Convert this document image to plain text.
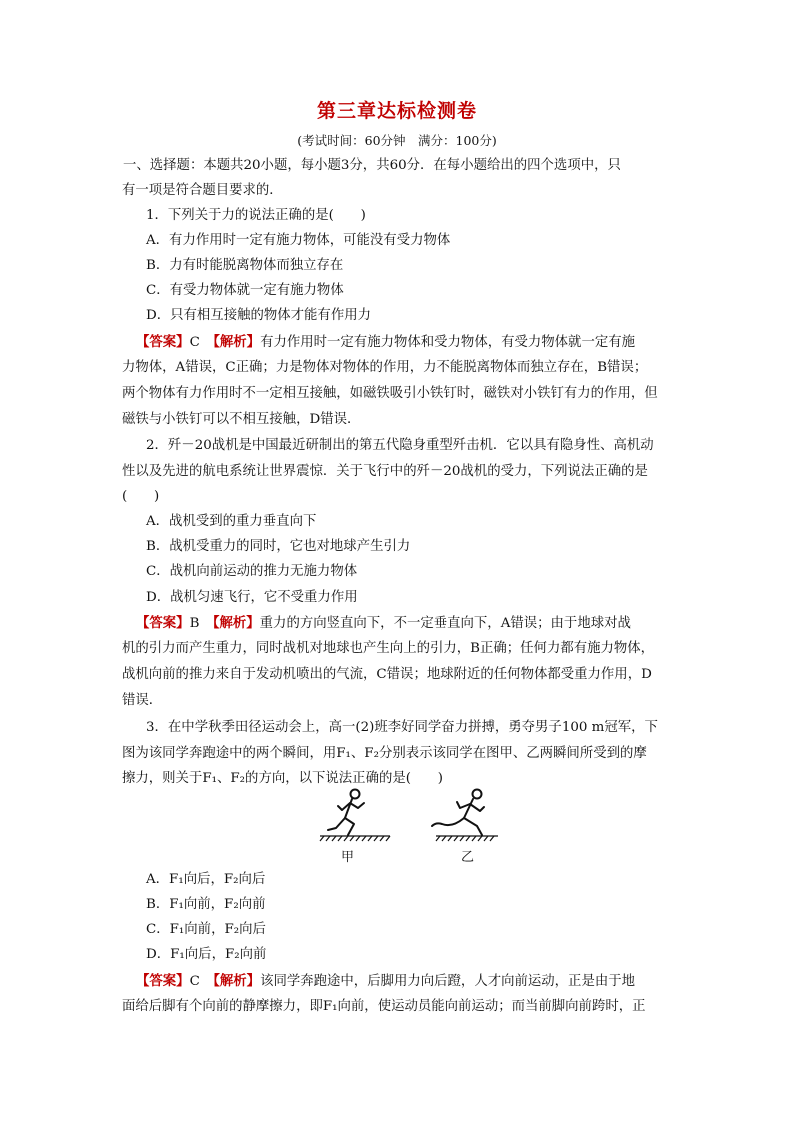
第三章达标检测卷
(考试时间：60分钟　满分：100分)
一、选择题：本题共20小题，每小题3分，共60分．在每小题给出的四个选项中，只
有一项是符合题目要求的．
1．下列关于力的说法正确的是(　　)
A．有力作用时一定有施力物体，可能没有受力物体
B．力有时能脱离物体而独立存在
C．有受力物体就一定有施力物体
D．只有相互接触的物体才能有作用力
【答案】C　 【解析】有力作用时一定有施力物体和受力物体，有受力物体就一定有施
力物体，A错误，C正确；力是物体对物体的作用，力不能脱离物体而独立存在，B错误；
两个物体有力作用时不一定相互接触，如磁铁吸引小铁钉时，磁铁对小铁钉有力的作用，但
磁铁与小铁钉可以不相互接触，D错误．
2．歼－20战机是中国最近研制出的第五代隐身重型歼击机．它以具有隐身性、高机动
性以及先进的航电系统让世界震惊．关于飞行中的歼－20战机的受力，下列说法正确的是
(　　)
A．战机受到的重力垂直向下
B．战机受重力的同时，它也对地球产生引力
C．战机向前运动的推力无施力物体
D．战机匀速飞行，它不受重力作用
【答案】B　 【解析】重力的方向竖直向下，不一定垂直向下，A错误；由于地球对战
机的引力而产生重力，同时战机对地球也产生向上的引力，B正确；任何力都有施力物体，
战机向前的推力来自于发动机喷出的气流，C错误；地球附近的任何物体都受重力作用，D
错误．
3．在中学秋季田径运动会上，高一(2)班李好同学奋力拼搏，勇夺男子100 m冠军，下
图为该同学奔跑途中的两个瞬间，用F₁、F₂分别表示该同学在图甲、乙两瞬间所受到的摩
擦力，则关于F₁、F₂的方向，以下说法正确的是(　　)
甲	乙
A．F₁向后，F₂向后
B．F₁向前，F₂向前
C．F₁向前，F₂向后
D．F₁向后，F₂向前
【答案】C　 【解析】该同学奔跑途中，后脚用力向后蹬，人才向前运动，正是由于地
面给后脚有个向前的静摩擦力，即F₁向前，使运动员能向前运动；而当前脚向前跨时，正
